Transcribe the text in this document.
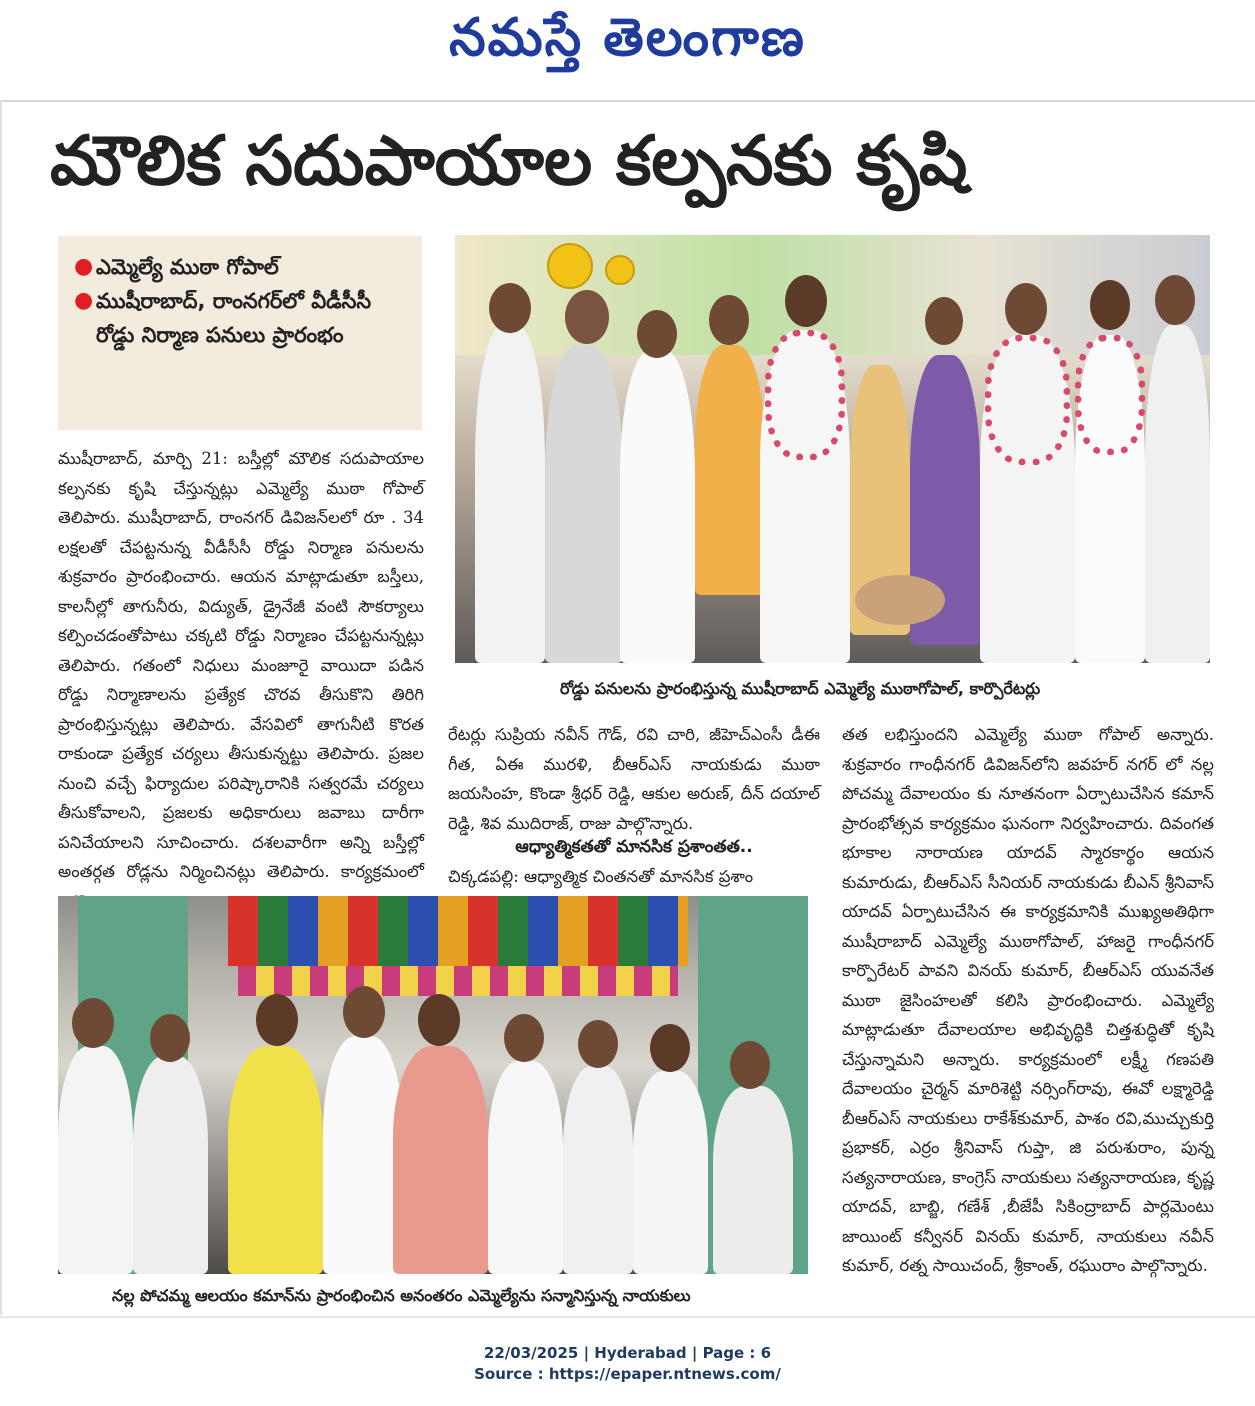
నమస్తే తెలంగాణ
మౌలిక సదుపాయాల కల్పనకు కృషి
● ఎమ్మెల్యే ముఠా గోపాల్
● ముషీరాబాద్, రాంనగర్‌లో వీడీసీసీ రోడ్డు నిర్మాణ పనులు ప్రారంభం
రోడ్డు పనులను ప్రారంభిస్తున్న ముషీరాబాద్ ఎమ్మెల్యే ముఠాగోపాల్, కార్పొరేటర్లు
ముషీరాబాద్, మార్చి 21: బస్తీల్లో మౌలిక సదుపాయాల కల్పనకు కృషి చేస్తున్నట్లు ఎమ్మెల్యే ముఠా గోపాల్ తెలిపారు. ముషీరాబాద్, రాంనగర్ డివిజన్‌లలో రూ . 34 లక్షలతో చేపట్టనున్న వీడీసీసీ రోడ్డు నిర్మాణ పనులను శుక్రవారం ప్రారంభించారు. ఆయన మాట్లాడుతూ బస్తీలు, కాలనీల్లో తాగునీరు, విద్యుత్, డ్రైనేజీ వంటి సౌకర్యాలు కల్పించడంతోపాటు చక్కటి రోడ్డు నిర్మాణం చేపట్టనున్నట్లు తెలిపారు. గతంలో నిధులు మంజూరై వాయిదా పడిన రోడ్డు నిర్మాణాలను ప్రత్యేక చొరవ తీసుకొని తిరిగి ప్రారంభిస్తున్నట్లు తెలిపారు. వేసవిలో తాగునీటి కొరత రాకుండా ప్రత్యేక చర్యలు తీసుకున్నట్టు తెలిపారు. ప్రజల నుంచి వచ్చే ఫిర్యాదుల పరిష్కారానికి సత్వరమే చర్యలు తీసుకోవాలని, ప్రజలకు అధికారులు జవాబు దారీగా పనిచేయాలని సూచించారు. దశలవారీగా అన్ని బస్తీల్లో అంతర్గత రోడ్లను నిర్మించినట్లు తెలిపారు. కార్యక్రమంలో
రేటర్లు సుప్రియ నవీన్ గౌడ్, రవి చారి, జీహెచ్ఎంసీ డీఈ గీత, ఏఈ మురళి, బీఆర్ఎస్ నాయకుడు ముఠా జయసింహ, కొండా శ్రీధర్ రెడ్డి, ఆకుల అరుణ్, దీన్ దయాల్ రెడ్డి, శివ ముదిరాజ్, రాజు పాల్గొన్నారు.
ఆధ్యాత్మికతతో మానసిక ప్రశాంతత..
చిక్కడపల్లి: ఆధ్యాత్మిక చింతనతో మానసిక ప్రశాం
తత లభిస్తుందని ఎమ్మెల్యే ముఠా గోపాల్ అన్నారు. శుక్రవారం గాంధీనగర్ డివిజన్‌లోని జవహర్ నగర్ లో నల్ల పోచమ్మ దేవాలయం కు నూతనంగా ఏర్పాటుచేసిన కమాన్ ప్రారంభోత్సవ కార్యక్రమం ఘనంగా నిర్వహించారు. దివంగత భూకాల నారాయణ యాదవ్ స్మారకార్థం ఆయన కుమారుడు, బీఆర్ఎస్ సీనియర్ నాయకుడు బీఎన్ శ్రీనివాస్ యాదవ్ ఏర్పాటుచేసిన ఈ కార్యక్రమానికి ముఖ్యఅతిథిగా ముషీరాబాద్ ఎమ్మెల్యే ముఠాగోపాల్, హాజరై గాంధీనగర్ కార్పొరేటర్ పావని వినయ్ కుమార్, బీఆర్ఎస్ యువనేత ముఠా జైసింహలతో కలిసి ప్రారంభించారు. ఎమ్మెల్యే మాట్లాడుతూ దేవాలయాల అభివృద్ధికి చిత్తశుద్ధితో కృషి చేస్తున్నామని అన్నారు. కార్యక్రమంలో లక్ష్మీ గణపతి దేవాలయం చైర్మన్ మారిశెట్టి నర్సింగ్‌రావు, ఈవో లక్ష్మారెడ్డి బీఆర్ఎస్ నాయకులు రాకేశ్‌కుమార్, పాశం రవి,ముచ్చుకుర్తి ప్రభాకర్, ఎర్రం శ్రీనివాస్ గుప్తా, జి పరుశురాం, పున్న సత్యనారాయణ, కాంగ్రెస్ నాయకులు సత్యనారాయణ, కృష్ణ యాదవ్, బాబ్జి, గణేశ్ ,బీజేపీ సికింద్రాబాద్ పార్లమెంటు జాయింట్ కన్వీనర్ వినయ్ కుమార్, నాయకులు నవీన్ కుమార్, రత్న సాయిచంద్, శ్రీకాంత్, రఘురాం పాల్గొన్నారు.
నల్ల పోచమ్మ ఆలయం కమాన్‌ను ప్రారంభించిన అనంతరం ఎమ్మెల్యేను సన్మానిస్తున్న నాయకులు
22/03/2025 | Hyderabad | Page : 6
Source : https://epaper.ntnews.com/
